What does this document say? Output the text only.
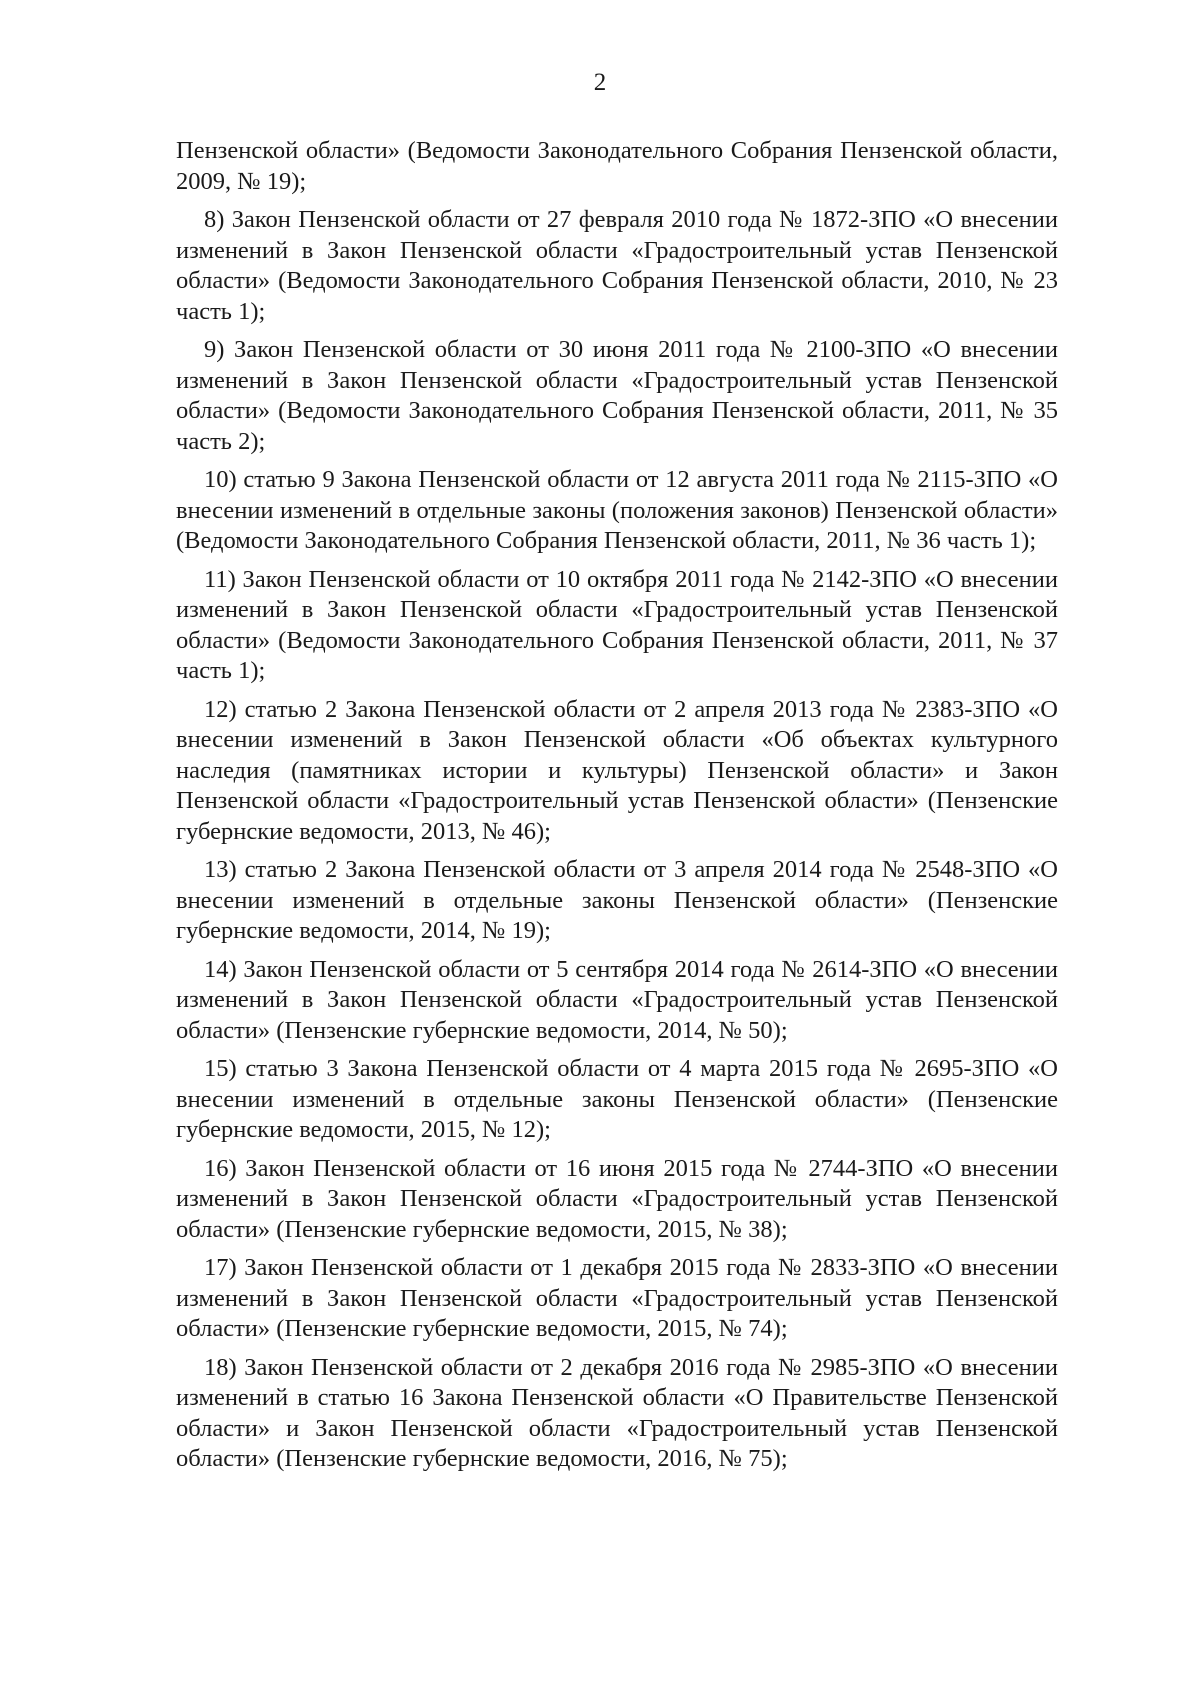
2

Пензенской области» (Ведомости Законодательного Собрания Пензенской области, 2009, № 19);

8) Закон Пензенской области от 27 февраля 2010 года № 1872-ЗПО «О внесении изменений в Закон Пензенской области «Градостроительный устав Пензенской области» (Ведомости Законодательного Собрания Пензенской области, 2010, № 23 часть 1);

9) Закон Пензенской области от 30 июня 2011 года № 2100-ЗПО «О внесении изменений в Закон Пензенской области «Градостроительный устав Пензенской области» (Ведомости Законодательного Собрания Пензенской области, 2011, № 35 часть 2);

10) статью 9 Закона Пензенской области от 12 августа 2011 года № 2115-ЗПО «О внесении изменений в отдельные законы (положения законов) Пензенской области» (Ведомости Законодательного Собрания Пензенской области, 2011, № 36 часть 1);

11) Закон Пензенской области от 10 октября 2011 года № 2142-ЗПО «О внесении изменений в Закон Пензенской области «Градостроительный устав Пензенской области» (Ведомости Законодательного Собрания Пензенской области, 2011, № 37 часть 1);

12) статью 2 Закона Пензенской области от 2 апреля 2013 года № 2383-ЗПО «О внесении изменений в Закон Пензенской области «Об объектах культурного наследия (памятниках истории и культуры) Пензенской области» и Закон Пензенской области «Градостроительный устав Пензенской области» (Пензенские губернские ведомости, 2013, № 46);

13) статью 2 Закона Пензенской области от 3 апреля 2014 года № 2548-ЗПО «О внесении изменений в отдельные законы Пензенской области» (Пензенские губернские ведомости, 2014, № 19);

14) Закон Пензенской области от 5 сентября 2014 года № 2614-ЗПО «О внесении изменений в Закон Пензенской области «Градостроительный устав Пензенской области» (Пензенские губернские ведомости, 2014, № 50);

15) статью 3 Закона Пензенской области от 4 марта 2015 года № 2695-ЗПО «О внесении изменений в отдельные законы Пензенской области» (Пензенские губернские ведомости, 2015, № 12);

16) Закон Пензенской области от 16 июня 2015 года № 2744-ЗПО «О внесении изменений в Закон Пензенской области «Градостроительный устав Пензенской области» (Пензенские губернские ведомости, 2015, № 38);

17) Закон Пензенской области от 1 декабря 2015 года № 2833-ЗПО «О внесении изменений в Закон Пензенской области «Градостроительный устав Пензенской области» (Пензенские губернские ведомости, 2015, № 74);

18) Закон Пензенской области от 2 декабря 2016 года № 2985-ЗПО «О внесении изменений в статью 16 Закона Пензенской области «О Правительстве Пензенской области» и Закон Пензенской области «Градостроительный устав Пензенской области» (Пензенские губернские ведомости, 2016, № 75);
